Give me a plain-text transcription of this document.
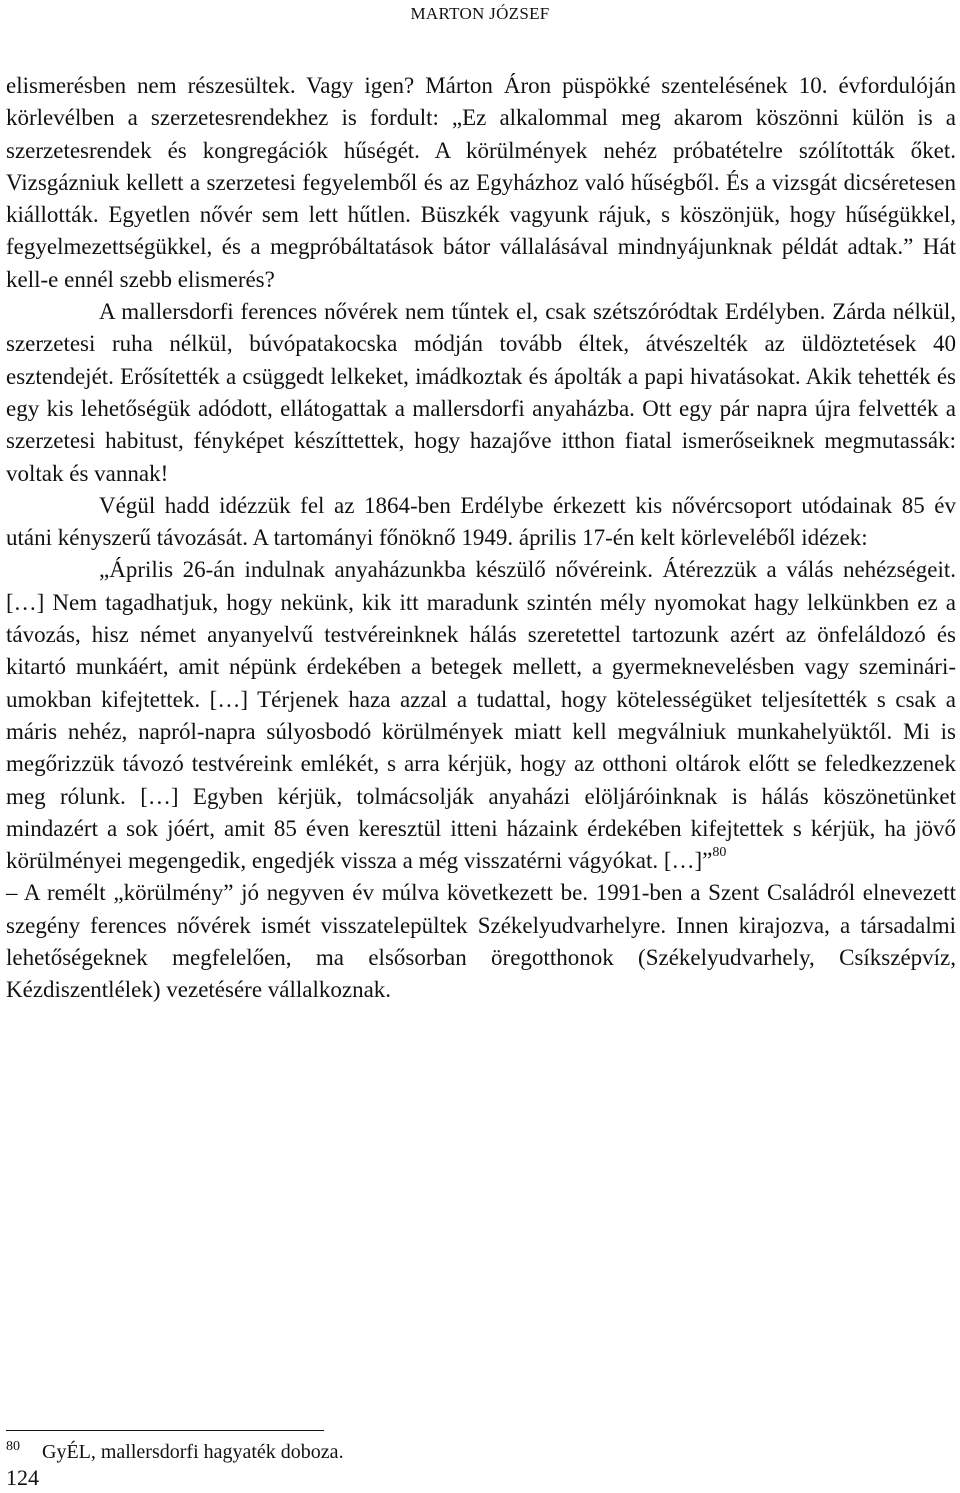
MARTON JÓZSEF

elismerésben nem részesültek. Vagy igen? Márton Áron püspökké szentelésének 10. évfordulóján körlevélben a szerzetesrendekhez is fordult: „Ez alkalommal meg akarom köszönni külön is a szerzetesrendek és kongregációk hűségét. A körülmények nehéz próbatételre szólították őket. Vizsgázniuk kellett a szerzetesi fegyelemből és az Egyházhoz való hűségből. És a vizsgát dicséretesen kiállották. Egyetlen nővér sem lett hűtlen. Büszkék vagyunk rájuk, s köszönjük, hogy hűségükkel, fegyelmezettségükkel, és a megpróbáltatások bátor vállalásával mindnyájunknak példát adtak.” Hát kell-e ennél szebb elismerés?

A mallersdorfi ferences nővérek nem tűntek el, csak szétszóródtak Erdélyben. Zárda nélkül, szerzetesi ruha nélkül, búvópatakocska módján tovább éltek, átvészelték az üldöztetések 40 esztendejét. Erősítették a csüggedt lelkeket, imádkoztak és ápolták a papi hivatásokat. Akik tehették és egy kis lehetőségük adódott, ellátogattak a mallersdorfi anyaházba. Ott egy pár napra újra felvették a szerzetesi habitust, fényképet készíttettek, hogy hazajőve itthon fiatal ismerőseiknek megmutassák: voltak és vannak!

Végül hadd idézzük fel az 1864-ben Erdélybe érkezett kis nővércsoport utódainak 85 év utáni kényszerű távozását. A tartományi főnöknő 1949. április 17-én kelt körleveléből idézek:

„Április 26-án indulnak anyaházunkba készülő nővéreink. Átérezzük a válás nehézségeit. […] Nem tagadhatjuk, hogy nekünk, kik itt maradunk szintén mély nyomokat hagy lelkünkben ez a távozás, hisz német anyanyelvű testvéreinknek hálás szeretettel tartozunk azért az önfeláldozó és kitartó munkáért, amit népünk érdekében a betegek mellett, a gyermeknevelésben vagy szemináriumokban kifejtettek. […] Térjenek haza azzal a tudattal, hogy kötelességüket teljesítették s csak a máris nehéz, napról-napra súlyosbodó körülmények miatt kell megválniuk munkahelyüktől. Mi is megőrizzük távozó testvéreink emlékét, s arra kérjük, hogy az otthoni oltárok előtt se feledkezzenek meg rólunk. […] Egyben kérjük, tolmácsolják anyaházi elöljáróinknak is hálás köszönetünket mindazért a sok jóért, amit 85 éven keresztül itteni házaink érdekében kifejtettek s kérjük, ha jövő körülményei megengedik, engedjék vissza a még visszatérni vágyókat. […]”$^{80}$

– A remélt „körülmény” jó negyven év múlva következett be. 1991-ben a Szent Családról elnevezett szegény ferences nővérek ismét visszatelepültek Székelyudvarhelyre. Innen kirajozva, a társadalmi lehetőségeknek megfelelően, ma elsősorban öregotthonok (Székelyudvarhely, Csíkszépvíz, Kézdiszentlélek) vezetésére vállalkoznak.

$^{80}$ GyÉL, mallersdorfi hagyaték doboza.
124
